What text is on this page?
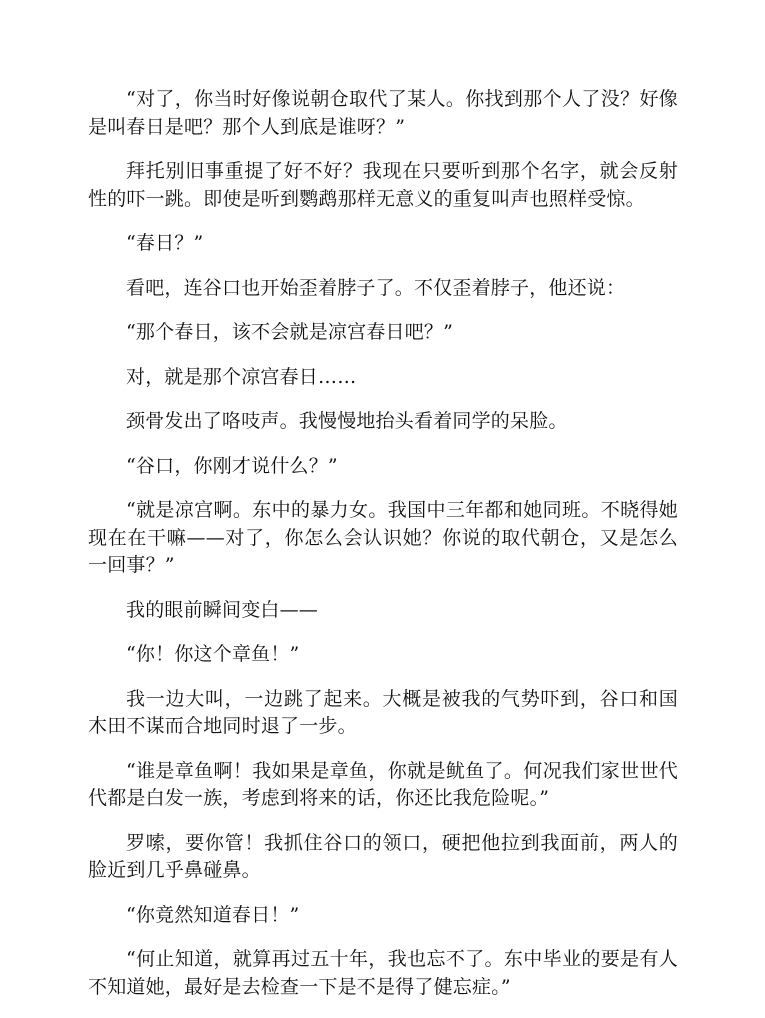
“对了，你当时好像说朝仓取代了某人。你找到那个人了没？好像是叫春日是吧？那个人到底是谁呀？”

拜托别旧事重提了好不好？我现在只要听到那个名字，就会反射性的吓一跳。即使是听到鹦鹉那样无意义的重复叫声也照样受惊。

“春日？”

看吧，连谷口也开始歪着脖子了。不仅歪着脖子，他还说：

“那个春日，该不会就是凉宫春日吧？”

对，就是那个凉宫春日……

颈骨发出了咯吱声。我慢慢地抬头看着同学的呆脸。

“谷口，你刚才说什么？”

“就是凉宫啊。东中的暴力女。我国中三年都和她同班。不晓得她现在在干嘛——对了，你怎么会认识她？你说的取代朝仓，又是怎么一回事？”

我的眼前瞬间变白——

“你！你这个章鱼！”

我一边大叫，一边跳了起来。大概是被我的气势吓到，谷口和国木田不谋而合地同时退了一步。

“谁是章鱼啊！我如果是章鱼，你就是鱿鱼了。何况我们家世世代代都是白发一族，考虑到将来的话，你还比我危险呢。”

罗嗦，要你管！我抓住谷口的领口，硬把他拉到我面前，两人的脸近到几乎鼻碰鼻。

“你竟然知道春日！”

“何止知道，就算再过五十年，我也忘不了。东中毕业的要是有人不知道她，最好是去检查一下是不是得了健忘症。”
